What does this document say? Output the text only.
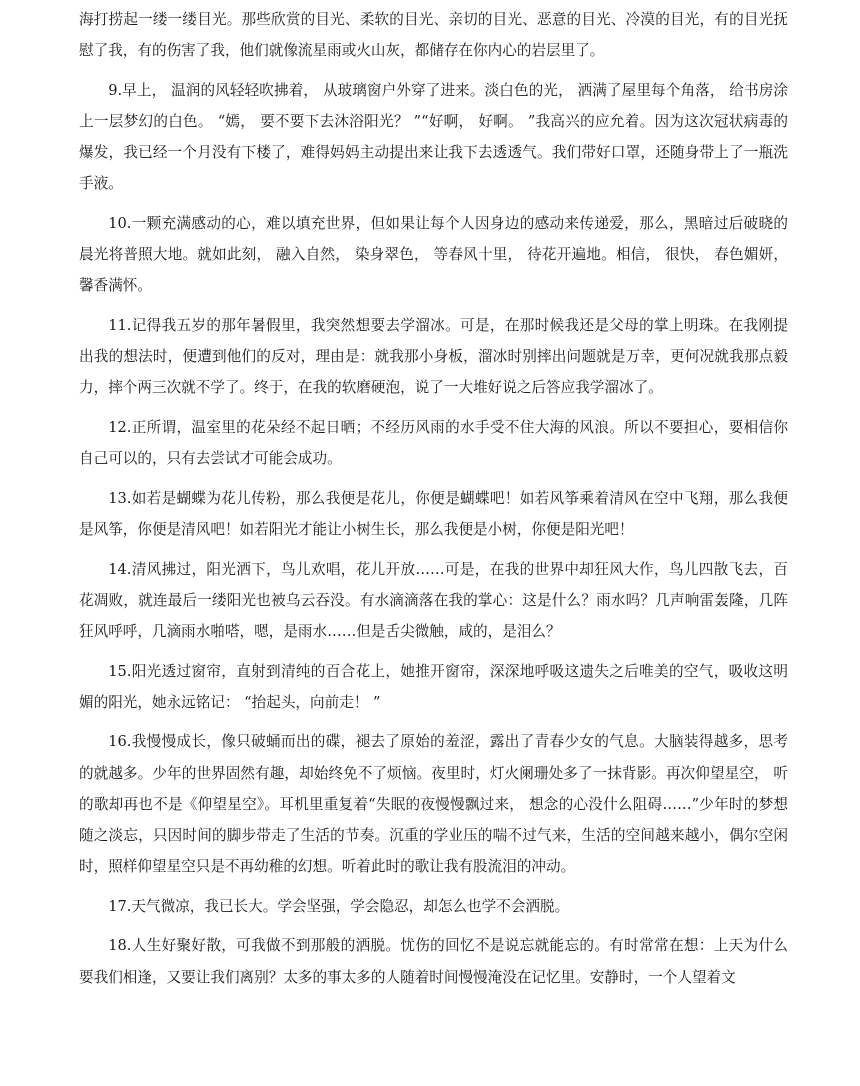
海打捞起一缕一缕目光。那些欣赏的目光、柔软的目光、亲切的目光、恶意的目光、冷漠的目光，有的目光抚慰了我，有的伤害了我，他们就像流星雨或火山灰，都储存在你内心的岩层里了。

9.早上， 温润的风轻轻吹拂着， 从玻璃窗户外穿了进来。淡白色的光， 洒满了屋里每个角落， 给书房涂上一层梦幻的白色。 “嫣， 要不要下去沐浴阳光？ ”“好啊， 好啊。 ”我高兴的应允着。因为这次冠状病毒的爆发，我已经一个月没有下楼了，难得妈妈主动提出来让我下去透透气。我们带好口罩，还随身带上了一瓶洗手液。

10.一颗充满感动的心，难以填充世界，但如果让每个人因身边的感动来传递爱，那么，黑暗过后破晓的晨光将普照大地。就如此刻， 融入自然， 染身翠色， 等春风十里， 待花开遍地。相信， 很快， 春色媚妍，馨香满怀。

11.记得我五岁的那年暑假里，我突然想要去学溜冰。可是，在那时候我还是父母的掌上明珠。在我刚提出我的想法时，便遭到他们的反对，理由是：就我那小身板，溜冰时别摔出问题就是万幸，更何况就我那点毅力，摔个两三次就不学了。终于，在我的软磨硬泡，说了一大堆好说之后答应我学溜冰了。

12.正所谓，温室里的花朵经不起日晒；不经历风雨的水手受不住大海的风浪。所以不要担心，要相信你自己可以的，只有去尝试才可能会成功。

13.如若是蝴蝶为花儿传粉，那么我便是花儿，你便是蝴蝶吧！如若风筝乘着清风在空中飞翔，那么我便是风筝，你便是清风吧！如若阳光才能让小树生长，那么我便是小树，你便是阳光吧！

14.清风拂过，阳光洒下，鸟儿欢唱，花儿开放……可是，在我的世界中却狂风大作，鸟儿四散飞去，百花凋败，就连最后一缕阳光也被乌云吞没。有水滴滴落在我的掌心：这是什么？雨水吗？几声响雷轰隆，几阵狂风呼呼，几滴雨水啪嗒，嗯，是雨水……但是舌尖微触，咸的，是泪么？

15.阳光透过窗帘，直射到清纯的百合花上，她推开窗帘，深深地呼吸这遗失之后唯美的空气，吸收这明媚的阳光，她永远铭记： “抬起头，向前走！ ”

16.我慢慢成长，像只破蛹而出的碟，褪去了原始的羞涩，露出了青春少女的气息。大脑装得越多，思考的就越多。少年的世界固然有趣，却始终免不了烦恼。夜里时，灯火阑珊处多了一抹背影。再次仰望星空， 听的歌却再也不是《仰望星空》。耳机里重复着“失眠的夜慢慢飘过来， 想念的心没什么阻碍……”少年时的梦想随之淡忘，只因时间的脚步带走了生活的节奏。沉重的学业压的喘不过气来，生活的空间越来越小，偶尔空闲时，照样仰望星空只是不再幼稚的幻想。听着此时的歌让我有股流泪的冲动。

17.天气微凉，我已长大。学会坚强，学会隐忍，却怎么也学不会洒脱。

18.人生好聚好散，可我做不到那般的洒脱。忧伤的回忆不是说忘就能忘的。有时常常在想：上天为什么要我们相逢，又要让我们离别？太多的事太多的人随着时间慢慢淹没在记忆里。安静时，一个人望着文
